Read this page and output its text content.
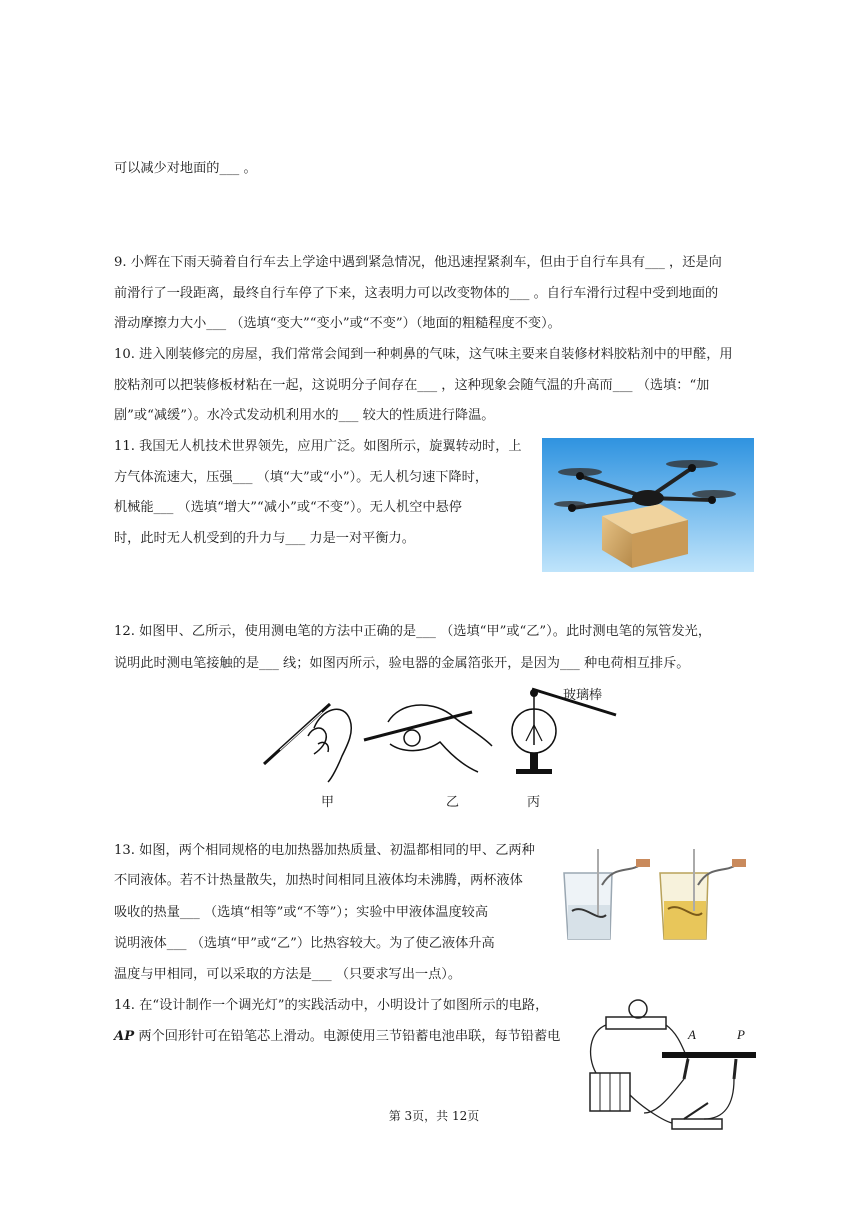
可以减少对地面的___ 。
9. 小辉在下雨天骑着自行车去上学途中遇到紧急情况，他迅速捏紧刹车，但由于自行车具有___ ，还是向
前滑行了一段距离，最终自行车停了下来，这表明力可以改变物体的___ 。自行车滑行过程中受到地面的
滑动摩擦力大小___ （选填“变大”“变小”或“不变”）（地面的粗糙程度不变）。
10. 进入刚装修完的房屋，我们常常会闻到一种刺鼻的气味，这气味主要来自装修材料胶粘剂中的甲醛，用
胶粘剂可以把装修板材粘在一起，这说明分子间存在___ ，这种现象会随气温的升高而___ （选填：“加
剧”或“减缓”）。水冷式发动机利用水的___ 较大的性质进行降温。
11. 我国无人机技术世界领先，应用广泛。如图所示，旋翼转动时，上
方气体流速大，压强___ （填“大”或“小”）。无人机匀速下降时，
机械能___ （选填“增大”“减小”或“不变”）。无人机空中悬停
时，此时无人机受到的升力与___ 力是一对平衡力。
12. 如图甲、乙所示，使用测电笔的方法中正确的是___ （选填“甲”或“乙”）。此时测电笔的氖管发光，
说明此时测电笔接触的是___ 线；如图丙所示，验电器的金属箔张开，是因为___ 种电荷相互排斥。
玻璃棒
甲	乙	丙
13. 如图，两个相同规格的电加热器加热质量、初温都相同的甲、乙两种
不同液体。若不计热量散失，加热时间相同且液体均未沸腾，两杯液体
吸收的热量___ （选填“相等”或“不等”）；实验中甲液体温度较高
说明液体___ （选填“甲”或“乙”）比热容较大。为了使乙液体升高
温度与甲相同，可以采取的方法是___ （只要求写出一点）。
14. 在“设计制作一个调光灯”的实践活动中，小明设计了如图所示的电路，
AP 两个回形针可在铅笔芯上滑动。电源使用三节铅蓄电池串联，每节铅蓄电	A	P
第 3页，共 12页
